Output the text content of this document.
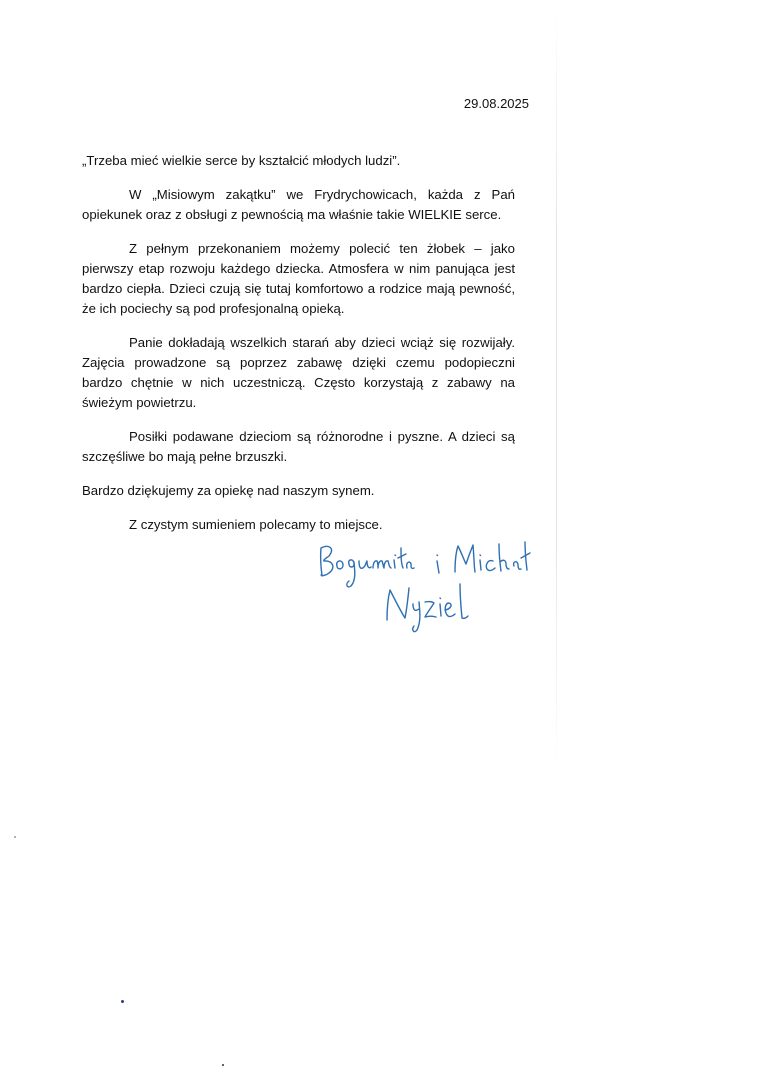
29.08.2025

„Trzeba mieć wielkie serce by kształcić młodych ludzi”.

W „Misiowym zakątku” we Frydrychowicach, każda z Pań opiekunek oraz z obsługi z pewnością ma właśnie takie WIELKIE serce.

Z pełnym przekonaniem możemy polecić ten żłobek – jako pierwszy etap rozwoju każdego dziecka. Atmosfera w nim panująca jest bardzo ciepła. Dzieci czują się tutaj komfortowo a rodzice mają pewność, że ich pociechy są pod profesjonalną opieką.

Panie dokładają wszelkich starań aby dzieci wciąż się rozwijały. Zajęcia prowadzone są poprzez zabawę dzięki czemu podopieczni bardzo chętnie w nich uczestniczą. Często korzystają z zabawy na świeżym powietrzu.

Posiłki podawane dzieciom są różnorodne i pyszne. A dzieci są szczęśliwe bo mają pełne brzuszki.

Bardzo dziękujemy za opiekę nad naszym synem.

Z czystym sumieniem polecamy to miejsce.
